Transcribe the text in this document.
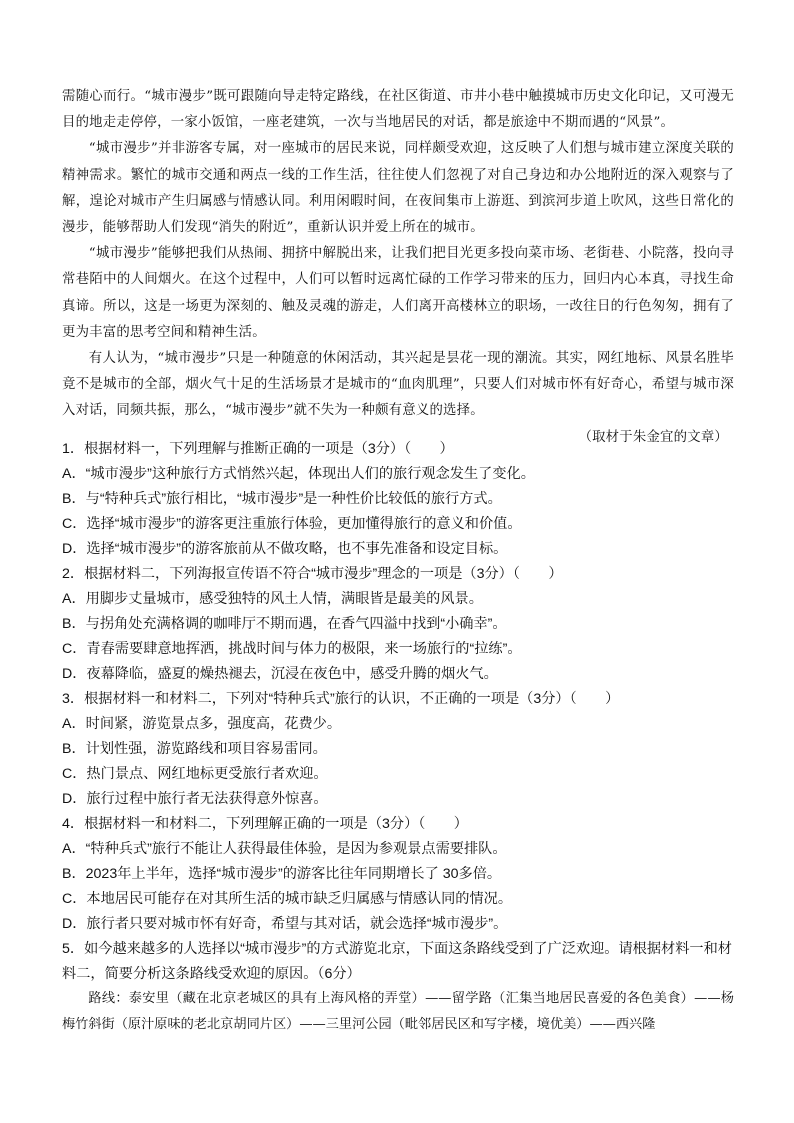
需随心而行。“城市漫步”既可跟随向导走特定路线，在社区街道、市井小巷中触摸城市历史文化印记，又可漫无目的地走走停停，一家小饭馆，一座老建筑，一次与当地居民的对话，都是旅途中不期而遇的“风景”。

“城市漫步”并非游客专属，对一座城市的居民来说，同样颇受欢迎，这反映了人们想与城市建立深度关联的精神需求。繁忙的城市交通和两点一线的工作生活，往往使人们忽视了对自己身边和办公地附近的深入观察与了解，遑论对城市产生归属感与情感认同。利用闲暇时间，在夜间集市上游逛、到滨河步道上吹风，这些日常化的漫步，能够帮助人们发现“消失的附近”，重新认识并爱上所在的城市。

“城市漫步”能够把我们从热闹、拥挤中解脱出来，让我们把目光更多投向菜市场、老街巷、小院落，投向寻常巷陌中的人间烟火。在这个过程中，人们可以暂时远离忙碌的工作学习带来的压力，回归内心本真，寻找生命真谛。所以，这是一场更为深刻的、触及灵魂的游走，人们离开高楼林立的职场，一改往日的行色匆匆，拥有了更为丰富的思考空间和精神生活。

有人认为，“城市漫步”只是一种随意的休闲活动，其兴起是昙花一现的潮流。其实，网红地标、风景名胜毕竟不是城市的全部，烟火气十足的生活场景才是城市的“血肉肌理”，只要人们对城市怀有好奇心，希望与城市深入对话，同频共振，那么，“城市漫步”就不失为一种颇有意义的选择。

（取材于朱金宜的文章）

1．根据材料一，下列理解与推断正确的一项是（3分）（　　）

A．“城市漫步”这种旅行方式悄然兴起，体现出人们的旅行观念发生了变化。

B．与“特种兵式”旅行相比，“城市漫步”是一种性价比较低的旅行方式。

C．选择“城市漫步”的游客更注重旅行体验，更加懂得旅行的意义和价值。

D．选择“城市漫步”的游客旅前从不做攻略，也不事先准备和设定目标。

2．根据材料二，下列海报宣传语不符合“城市漫步”理念的一项是（3分）（　　）

A．用脚步丈量城市，感受独特的风土人情，满眼皆是最美的风景。

B．与拐角处充满格调的咖啡厅不期而遇，在香气四溢中找到“小确幸”。

C．青春需要肆意地挥洒，挑战时间与体力的极限，来一场旅行的“拉练”。

D．夜幕降临，盛夏的燥热褪去，沉浸在夜色中，感受升腾的烟火气。

3．根据材料一和材料二，下列对“特种兵式”旅行的认识，不正确的一项是（3分）（　　）

A．时间紧，游览景点多，强度高，花费少。

B．计划性强，游览路线和项目容易雷同。

C．热门景点、网红地标更受旅行者欢迎。

D．旅行过程中旅行者无法获得意外惊喜。

4．根据材料一和材料二，下列理解正确的一项是（3分）（　　）

A．“特种兵式”旅行不能让人获得最佳体验，是因为参观景点需要排队。

B．2023年上半年，选择“城市漫步”的游客比往年同期增长了 30多倍。

C．本地居民可能存在对其所生活的城市缺乏归属感与情感认同的情况。

D．旅行者只要对城市怀有好奇，希望与其对话，就会选择“城市漫步”。

5．如今越来越多的人选择以“城市漫步”的方式游览北京，下面这条路线受到了广泛欢迎。请根据材料一和材料二，简要分析这条路线受欢迎的原因。（6分）

路线：泰安里（藏在北京老城区的具有上海风格的弄堂）——留学路（汇集当地居民喜爱的各色美食）——杨梅竹斜街（原汁原味的老北京胡同片区）——三里河公园（毗邻居民区和写字楼，境优美）——西兴隆
